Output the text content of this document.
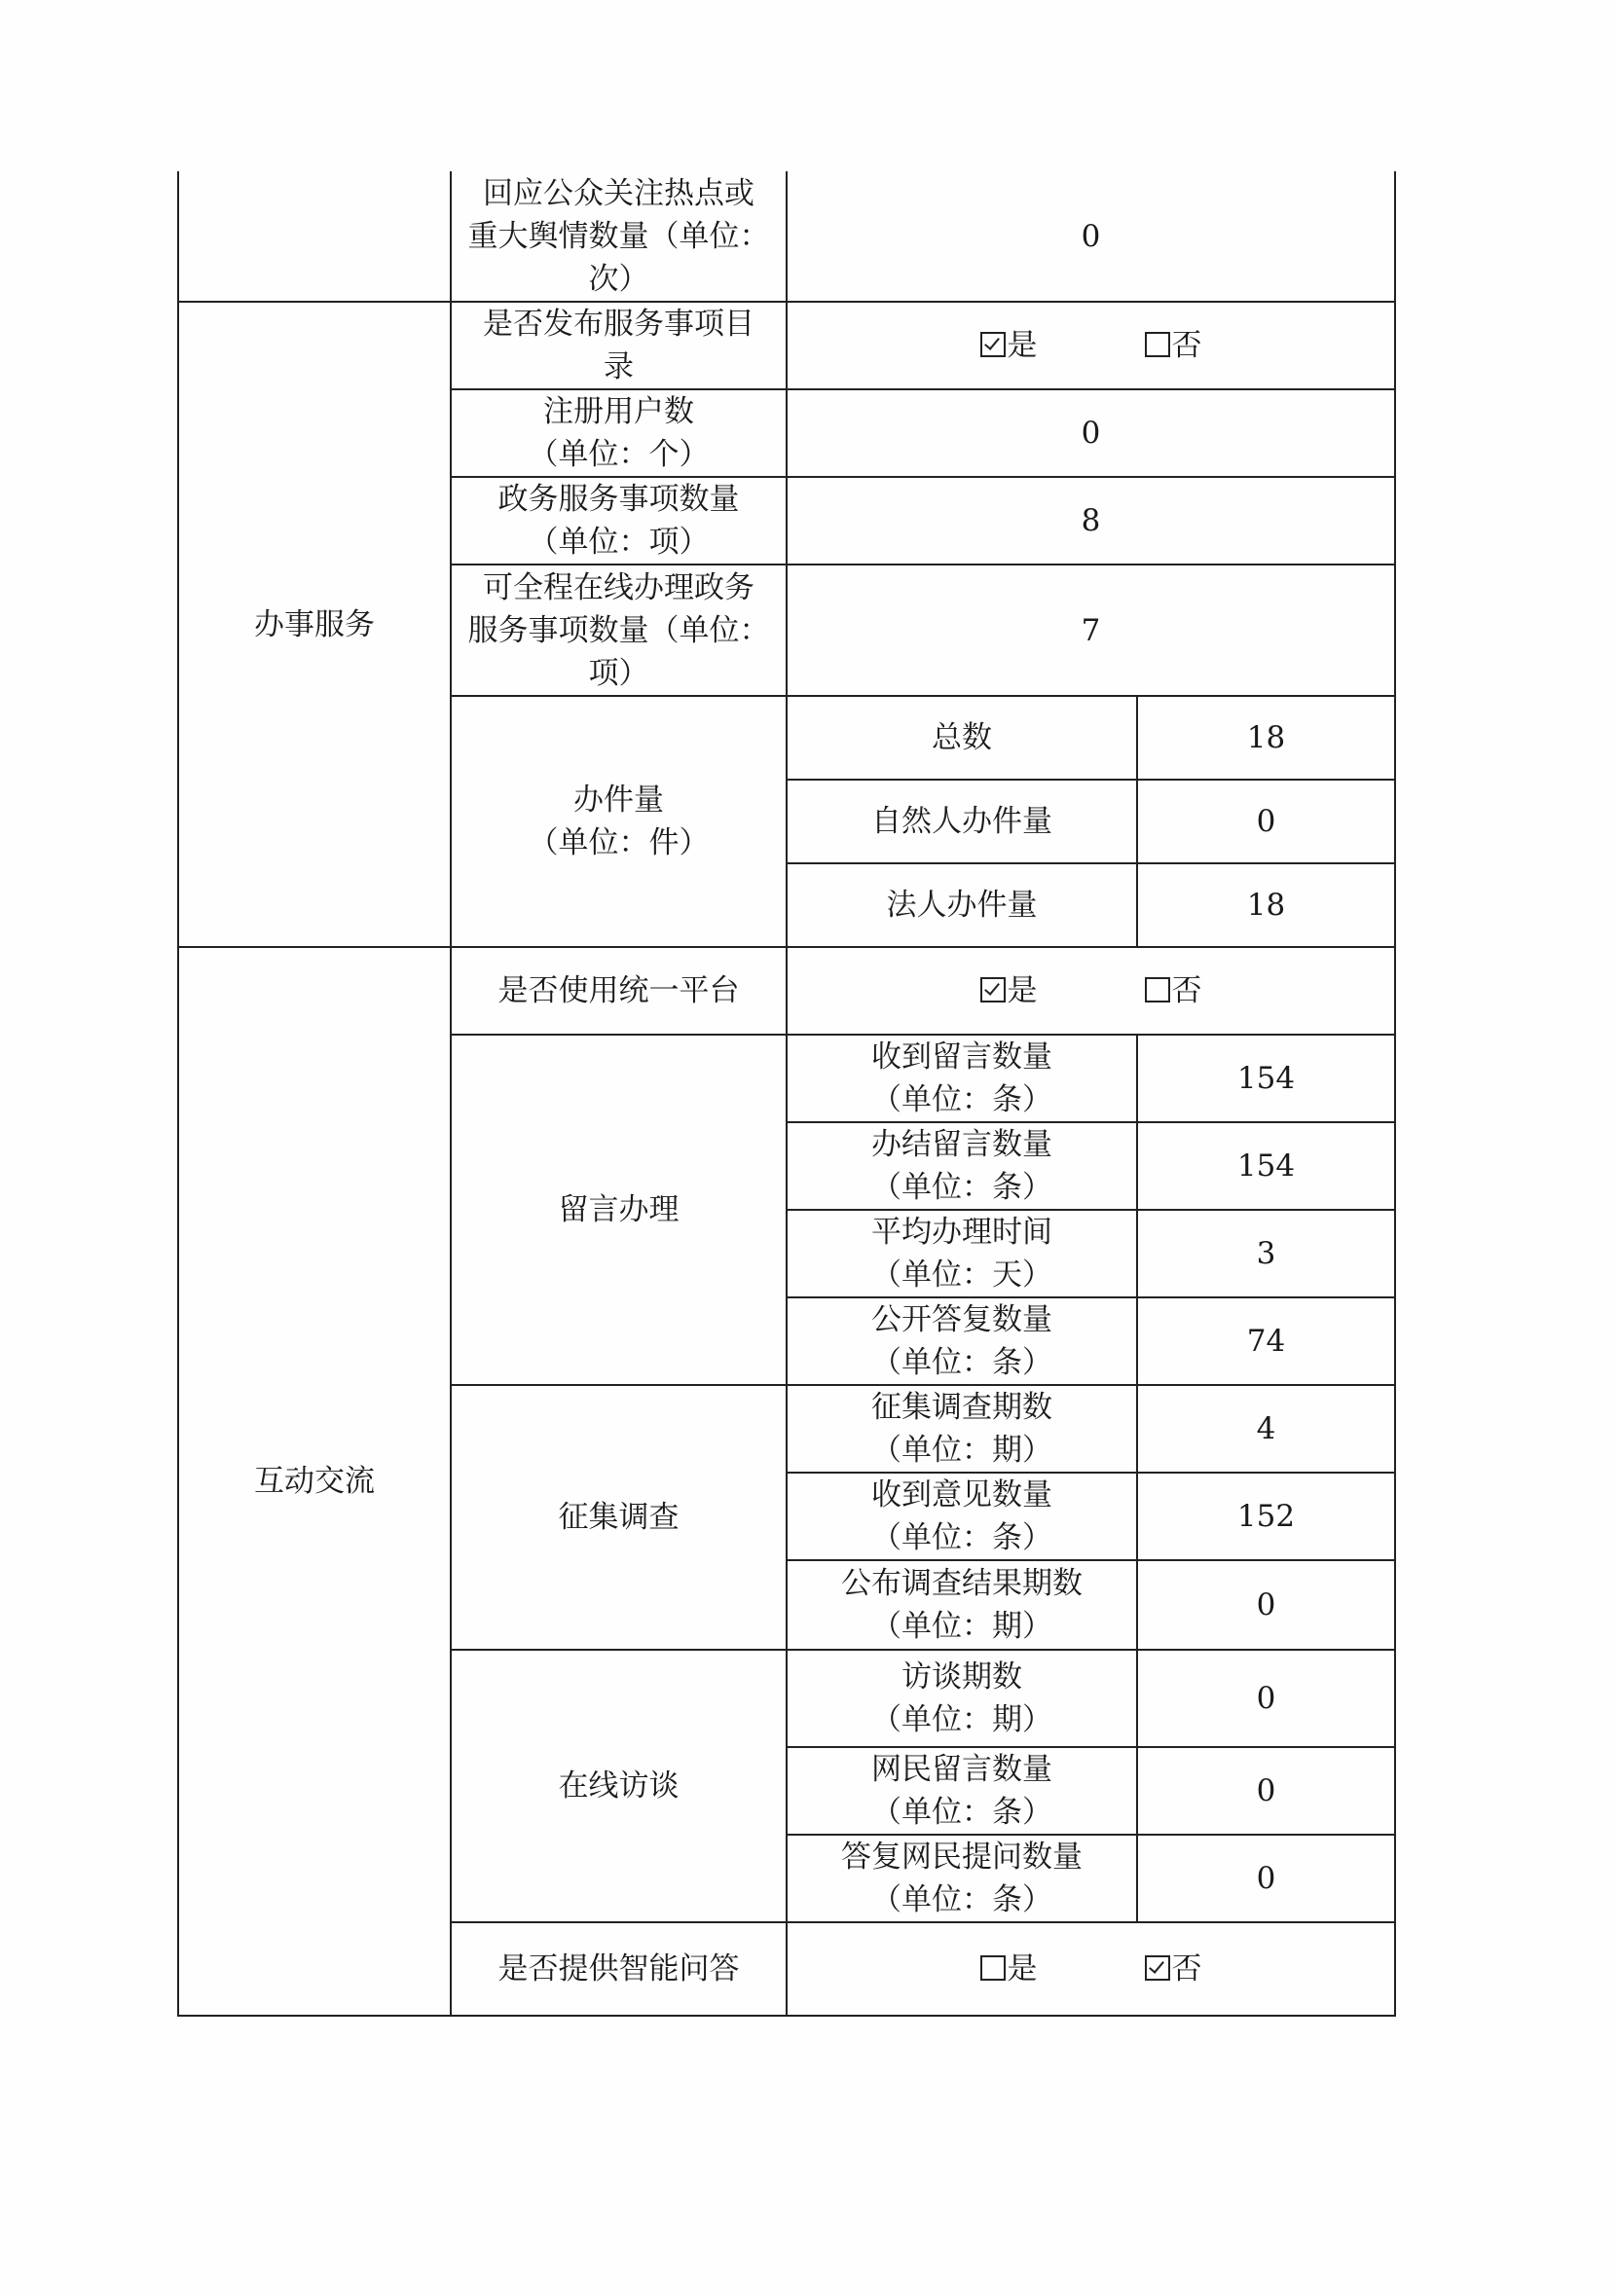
	回应公众关注热点或
重大舆情数量（单位：
次）	0	
办事服务	是否发布服务事项目
录	是 否	

	注册用户数
（单位：个）	0	

	政务服务事项数量
（单位：项）	8	

	可全程在线办理政务
服务事项数量（单位：
项）	7	

	办件量
（单位：件）	总数	18
		自然人办件量	0
		法人办件量	18
互动交流	是否使用统一平台	是 否	
	留言办理	收到留言数量
（单位：条）	154

		办结留言数量
（单位：条）	154

		平均办理时间
（单位：天）	3

		公开答复数量
（单位：条）	74
	征集调查	征集调查期数
（单位：期）	4

		收到意见数量
（单位：条）	152

		公布调查结果期数
（单位：期）	0
	在线访谈	访谈期数
（单位：期）	0

		网民留言数量
（单位：条）	0

		答复网民提问数量
（单位：条）	0
	是否提供智能问答	是 否	
